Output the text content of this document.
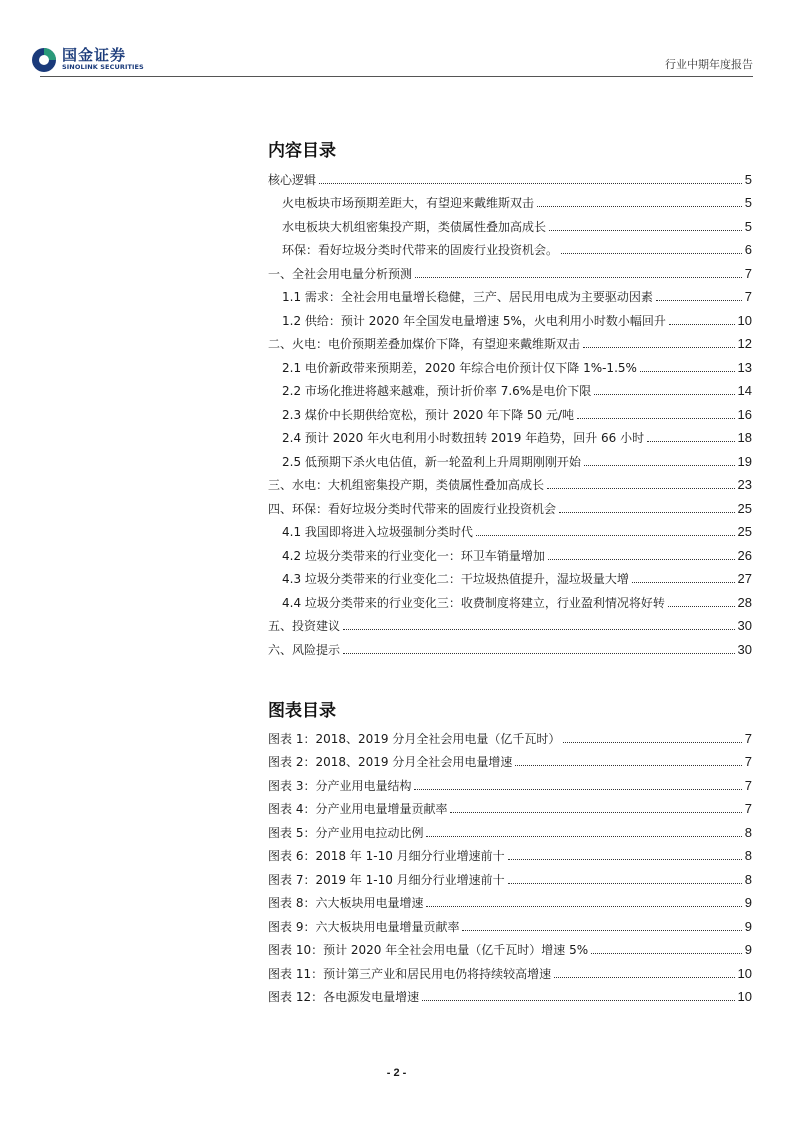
国金证券
SINOLINK SECURITIES	行业中期年度报告
内容目录
核心逻辑	5
火电板块市场预期差距大，有望迎来戴维斯双击	5
水电板块大机组密集投产期，类债属性叠加高成长	5
环保：看好垃圾分类时代带来的固废行业投资机会。	6
一、全社会用电量分析预测	7
1.1 需求：全社会用电量增长稳健，三产、居民用电成为主要驱动因素	7
1.2 供给：预计 2020 年全国发电量增速 5%，火电利用小时数小幅回升	10
二、火电：电价预期差叠加煤价下降，有望迎来戴维斯双击	12
2.1 电价新政带来预期差，2020 年综合电价预计仅下降 1%-1.5%	13
2.2 市场化推进将越来越难，预计折价率 7.6%是电价下限	14
2.3 煤价中长期供给宽松，预计 2020 年下降 50 元/吨	16
2.4 预计 2020 年火电利用小时数扭转 2019 年趋势，回升 66 小时	18
2.5 低预期下杀火电估值，新一轮盈利上升周期刚刚开始	19
三、水电：大机组密集投产期，类债属性叠加高成长	23
四、环保：看好垃圾分类时代带来的固废行业投资机会	25
4.1 我国即将进入垃圾强制分类时代	25
4.2 垃圾分类带来的行业变化一：环卫车销量增加	26
4.3 垃圾分类带来的行业变化二：干垃圾热值提升，湿垃圾量大增	27
4.4 垃圾分类带来的行业变化三：收费制度将建立，行业盈利情况将好转	28
五、投资建议	30
六、风险提示	30
图表目录
图表 1：2018、2019 分月全社会用电量（亿千瓦时）	7
图表 2：2018、2019 分月全社会用电量增速	7
图表 3：分产业用电量结构	7
图表 4：分产业用电量增量贡献率	7
图表 5：分产业用电拉动比例	8
图表 6：2018 年 1-10 月细分行业增速前十	8
图表 7：2019 年 1-10 月细分行业增速前十	8
图表 8：六大板块用电量增速	9
图表 9：六大板块用电量增量贡献率	9
图表 10：预计 2020 年全社会用电量（亿千瓦时）增速 5%	9
图表 11：预计第三产业和居民用电仍将持续较高增速	10
图表 12：各电源发电量增速	10
- 2 -
